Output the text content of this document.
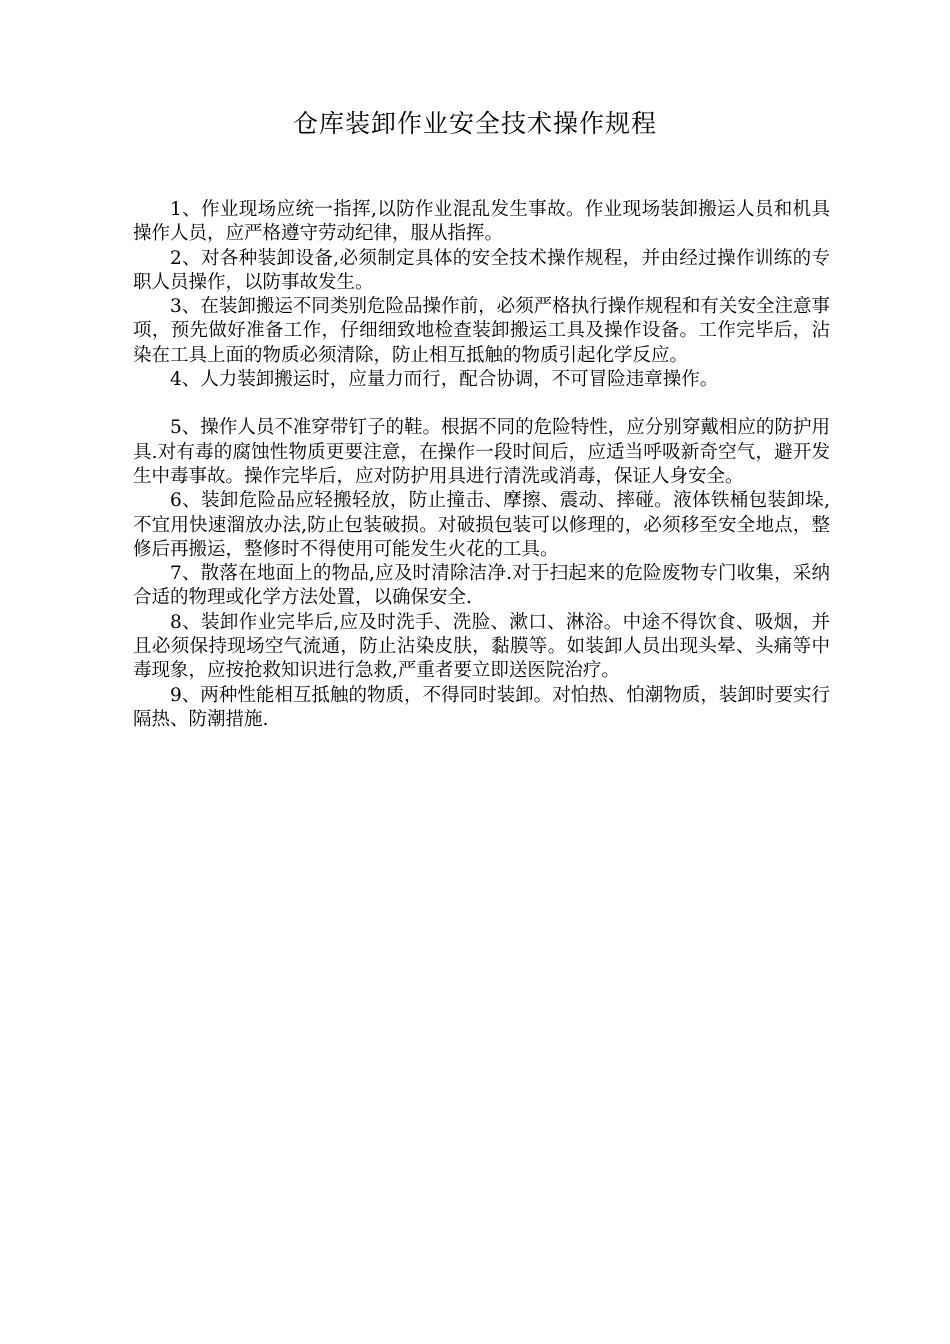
仓库装卸作业安全技术操作规程

1、作业现场应统一指挥,以防作业混乱发生事故。作业现场装卸搬运人员和机具操作人员，应严格遵守劳动纪律，服从指挥。

2、对各种装卸设备,必须制定具体的安全技术操作规程，并由经过操作训练的专职人员操作，以防事故发生。

3、在装卸搬运不同类别危险品操作前，必须严格执行操作规程和有关安全注意事项，预先做好准备工作，仔细细致地检查装卸搬运工具及操作设备。工作完毕后，沾染在工具上面的物质必须清除，防止相互抵触的物质引起化学反应。

4、人力装卸搬运时，应量力而行，配合协调，不可冒险违章操作。

5、操作人员不准穿带钉子的鞋。根据不同的危险特性，应分别穿戴相应的防护用具.对有毒的腐蚀性物质更要注意，在操作一段时间后，应适当呼吸新奇空气，避开发生中毒事故。操作完毕后，应对防护用具进行清洗或消毒，保证人身安全。

6、装卸危险品应轻搬轻放，防止撞击、摩擦、震动、摔碰。液体铁桶包装卸垛,不宜用快速溜放办法,防止包装破损。对破损包装可以修理的，必须移至安全地点，整修后再搬运，整修时不得使用可能发生火花的工具。

7、散落在地面上的物品,应及时清除洁净.对于扫起来的危险废物专门收集，采纳合适的物理或化学方法处置，以确保安全.

8、装卸作业完毕后,应及时洗手、洗脸、漱口、淋浴。中途不得饮食、吸烟，并且必须保持现场空气流通，防止沾染皮肤，黏膜等。如装卸人员出现头晕、头痛等中毒现象，应按抢救知识进行急救,严重者要立即送医院治疗。

9、两种性能相互抵触的物质，不得同时装卸。对怕热、怕潮物质，装卸时要实行隔热、防潮措施.
